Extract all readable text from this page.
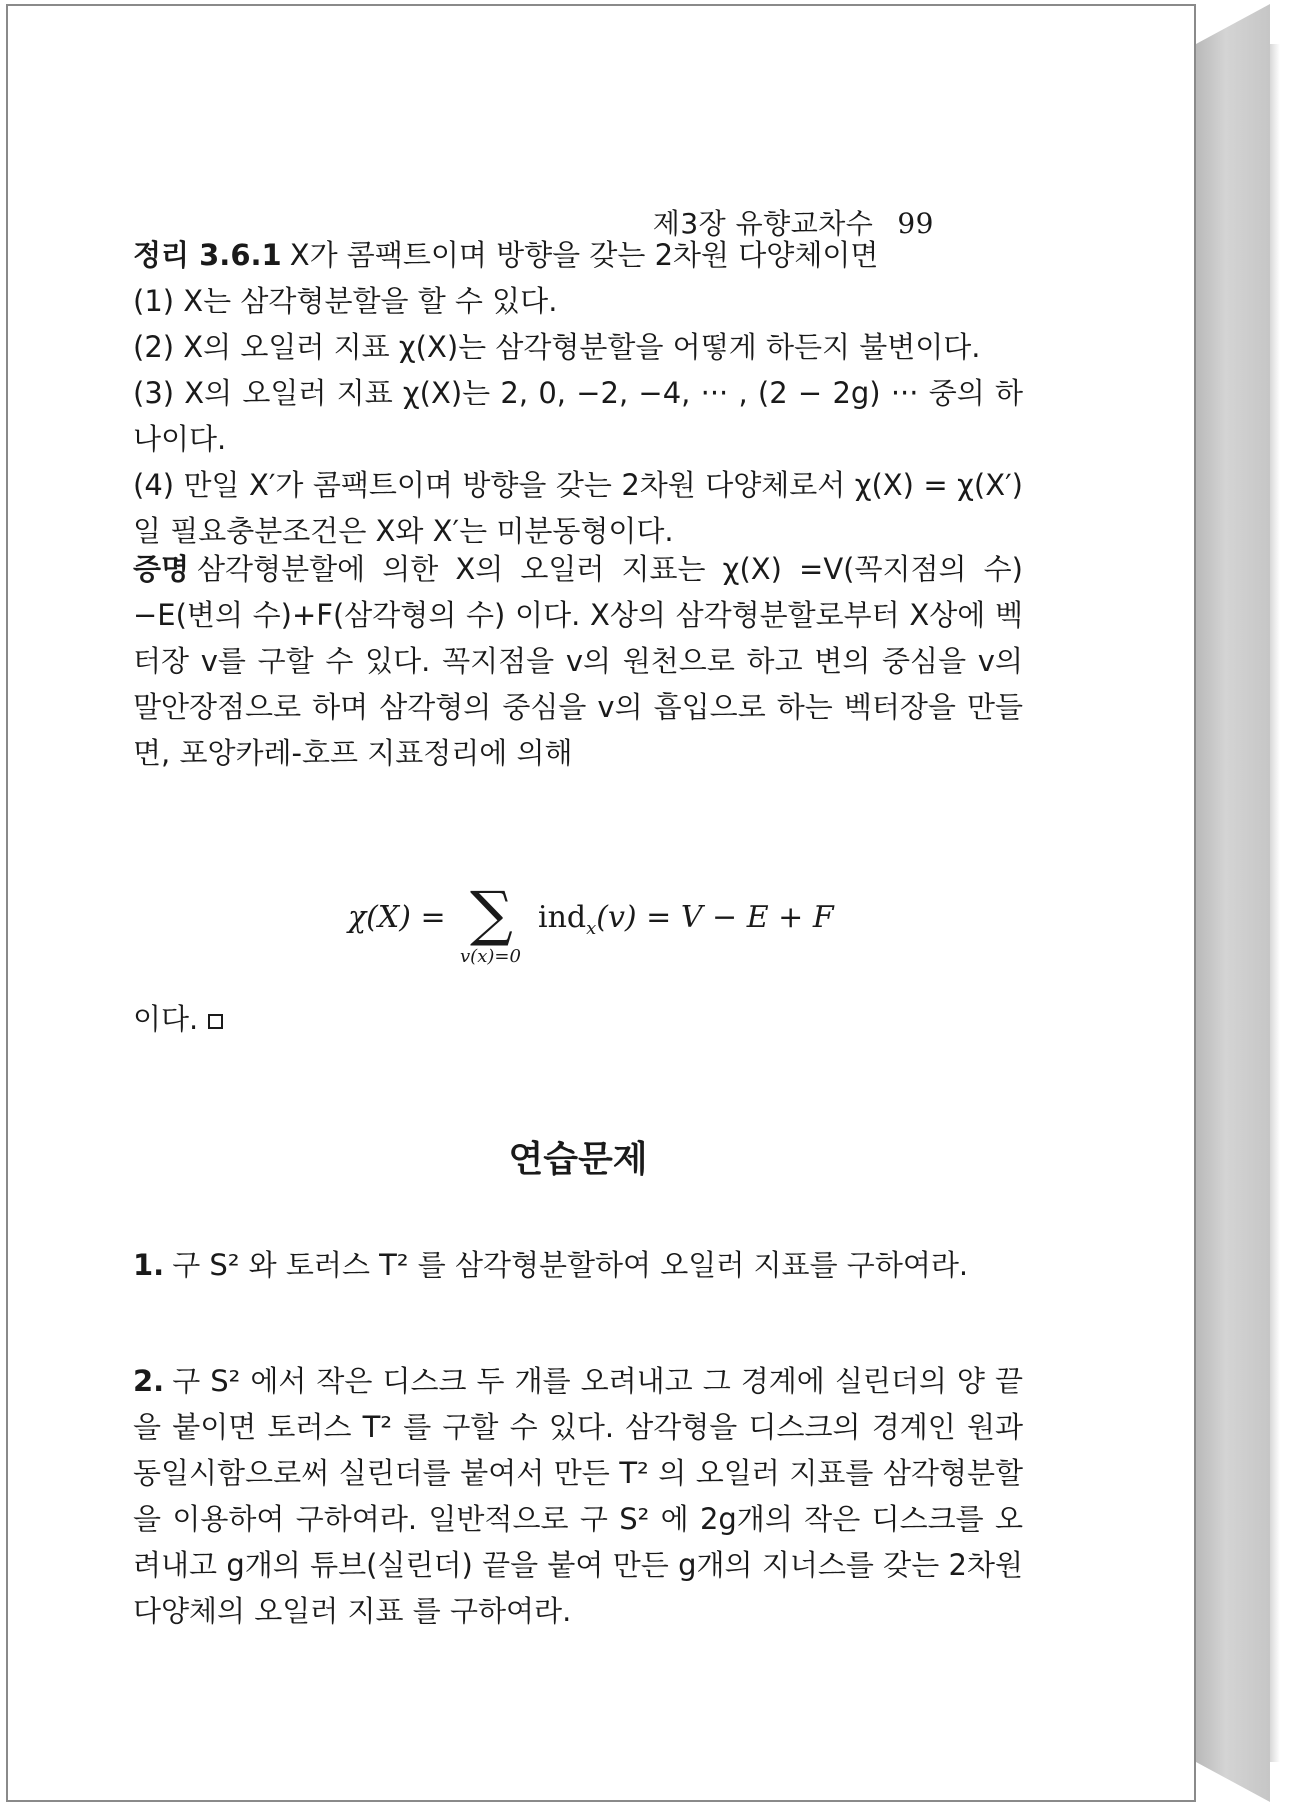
제3장 유향교차수 99

정리 3.6.1 X가 콤팩트이며 방향을 갖는 2차원 다양체이면

(1) X는 삼각형분할을 할 수 있다.

(2) X의 오일러 지표 χ(X)는 삼각형분할을 어떻게 하든지 불변이다.

(3) X의 오일러 지표 χ(X)는 2, 0, −2, −4, ··· , (2 − 2g) ··· 중의 하나이다.

(4) 만일 X′가 콤팩트이며 방향을 갖는 2차원 다양체로서 χ(X) = χ(X′)일 필요충분조건은 X와 X′는 미분동형이다.

증명 삼각형분할에 의한 X의 오일러 지표는 χ(X) =V(꼭지점의 수)−E(변의 수)+F(삼각형의 수) 이다. X상의 삼각형분할로부터 X상에 벡터장 v를 구할 수 있다. 꼭지점을 v의 원천으로 하고 변의 중심을 v의 말안장점으로 하며 삼각형의 중심을 v의 흡입으로 하는 벡터장을 만들면, 포앙카레-호프 지표정리에 의해

χ(X) = ∑
v(x)=0
ind$_x$(v) = V − E + F
이다.
연습문제

1. 구 S² 와 토러스 T² 를 삼각형분할하여 오일러 지표를 구하여라.

2. 구 S² 에서 작은 디스크 두 개를 오려내고 그 경계에 실린더의 양 끝을 붙이면 토러스 T² 를 구할 수 있다. 삼각형을 디스크의 경계인 원과 동일시함으로써 실린더를 붙여서 만든 T² 의 오일러 지표를 삼각형분할을 이용하여 구하여라. 일반적으로 구 S² 에 2g개의 작은 디스크를 오려내고 g개의 튜브(실린더) 끝을 붙여 만든 g개의 지너스를 갖는 2차원 다양체의 오일러 지표 를 구하여라.
